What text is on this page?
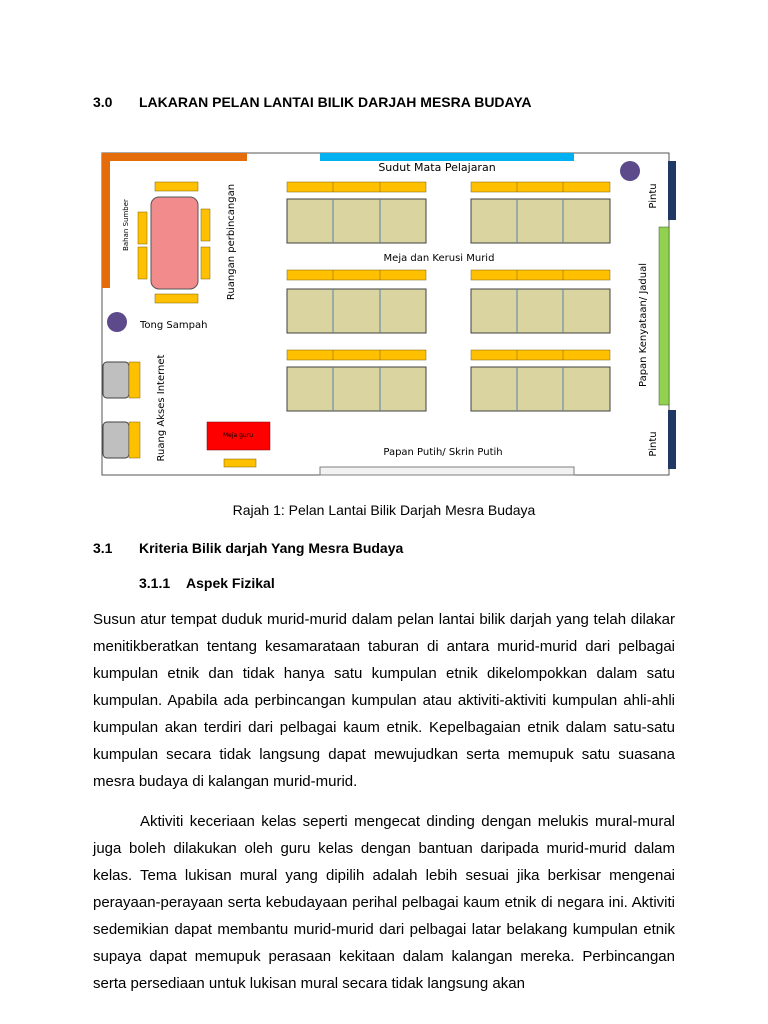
3.0 LAKARAN PELAN LANTAI BILIK DARJAH MESRA BUDAYA
Sudut Mata Pelajaran
Bahan Sumber	Ruangan perbincangan
Tong Sampah
Ruang Akses Internet	Meja guru
Papan Putih/ Skrin Putih
Meja dan Kerusi Murid
Pintu
Papan Kenyataan/ Jadual
Pintu
Rajah 1: Pelan Lantai Bilik Darjah Mesra Budaya
3.1 Kriteria Bilik darjah Yang Mesra Budaya
3.1.1 Aspek Fizikal

Susun atur tempat duduk murid-murid dalam pelan lantai bilik darjah yang telah dilakar menitikberatkan tentang kesamarataan taburan di antara murid-murid dari pelbagai kumpulan etnik dan tidak hanya satu kumpulan etnik dikelompokkan dalam satu kumpulan. Apabila ada perbincangan kumpulan atau aktiviti-aktiviti kumpulan ahli-ahli kumpulan akan terdiri dari pelbagai kaum etnik. Kepelbagaian etnik dalam satu-satu kumpulan secara tidak langsung dapat mewujudkan serta memupuk satu suasana mesra budaya di kalangan murid-murid.

Aktiviti keceriaan kelas seperti mengecat dinding dengan melukis mural-mural juga boleh dilakukan oleh guru kelas dengan bantuan daripada murid-murid dalam kelas. Tema lukisan mural yang dipilih adalah lebih sesuai jika berkisar mengenai perayaan-perayaan serta kebudayaan perihal pelbagai kaum etnik di negara ini. Aktiviti sedemikian dapat membantu murid-murid dari pelbagai latar belakang kumpulan etnik supaya dapat memupuk perasaan kekitaan dalam kalangan mereka. Perbincangan serta persediaan untuk lukisan mural secara tidak langsung akan
